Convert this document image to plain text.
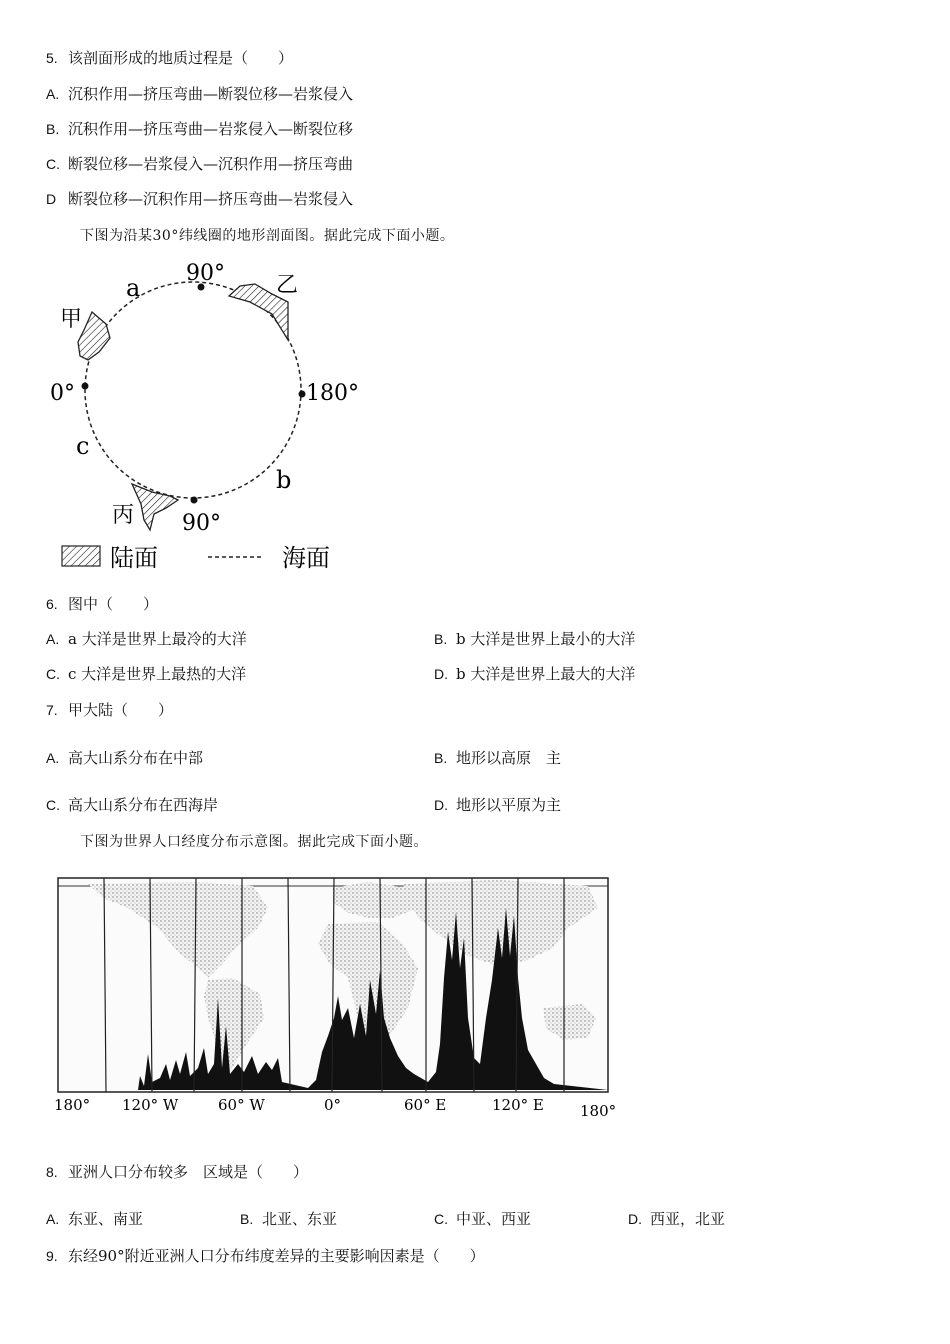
5. 该剖面形成的地质过程是（　　）
A. 沉积作用—挤压弯曲—断裂位移—岩浆侵入
B. 沉积作用—挤压弯曲—岩浆侵入—断裂位移
C. 断裂位移—岩浆侵入—沉积作用—挤压弯曲
D 断裂位移—沉积作用—挤压弯曲—岩浆侵入
下图为沿某30°纬线圈的地形剖面图。据此完成下面小题。
90°
a	乙
甲
0°	180°
c
b
丙 90°
陆面	海面
6. 图中（　　）
A. a 大洋是世界上最冷的大洋	B. b 大洋是世界上最小的大洋
C. c 大洋是世界上最热的大洋	D. b 大洋是世界上最大的大洋
7. 甲大陆（　　）
A. 高大山系分布在中部	B. 地形以高原　主
C. 高大山系分布在西海岸	D. 地形以平原为主
下图为世界人口经度分布示意图。据此完成下面小题。
180° 120° W	60° W	0°	60° E	120° E 180°
8. 亚洲人口分布较多　区域是（　　）
A. 东亚、南亚	B. 北亚、东亚	C. 中亚、西亚	D. 西亚，北亚
9. 东经90°附近亚洲人口分布纬度差异的主要影响因素是（　　）
